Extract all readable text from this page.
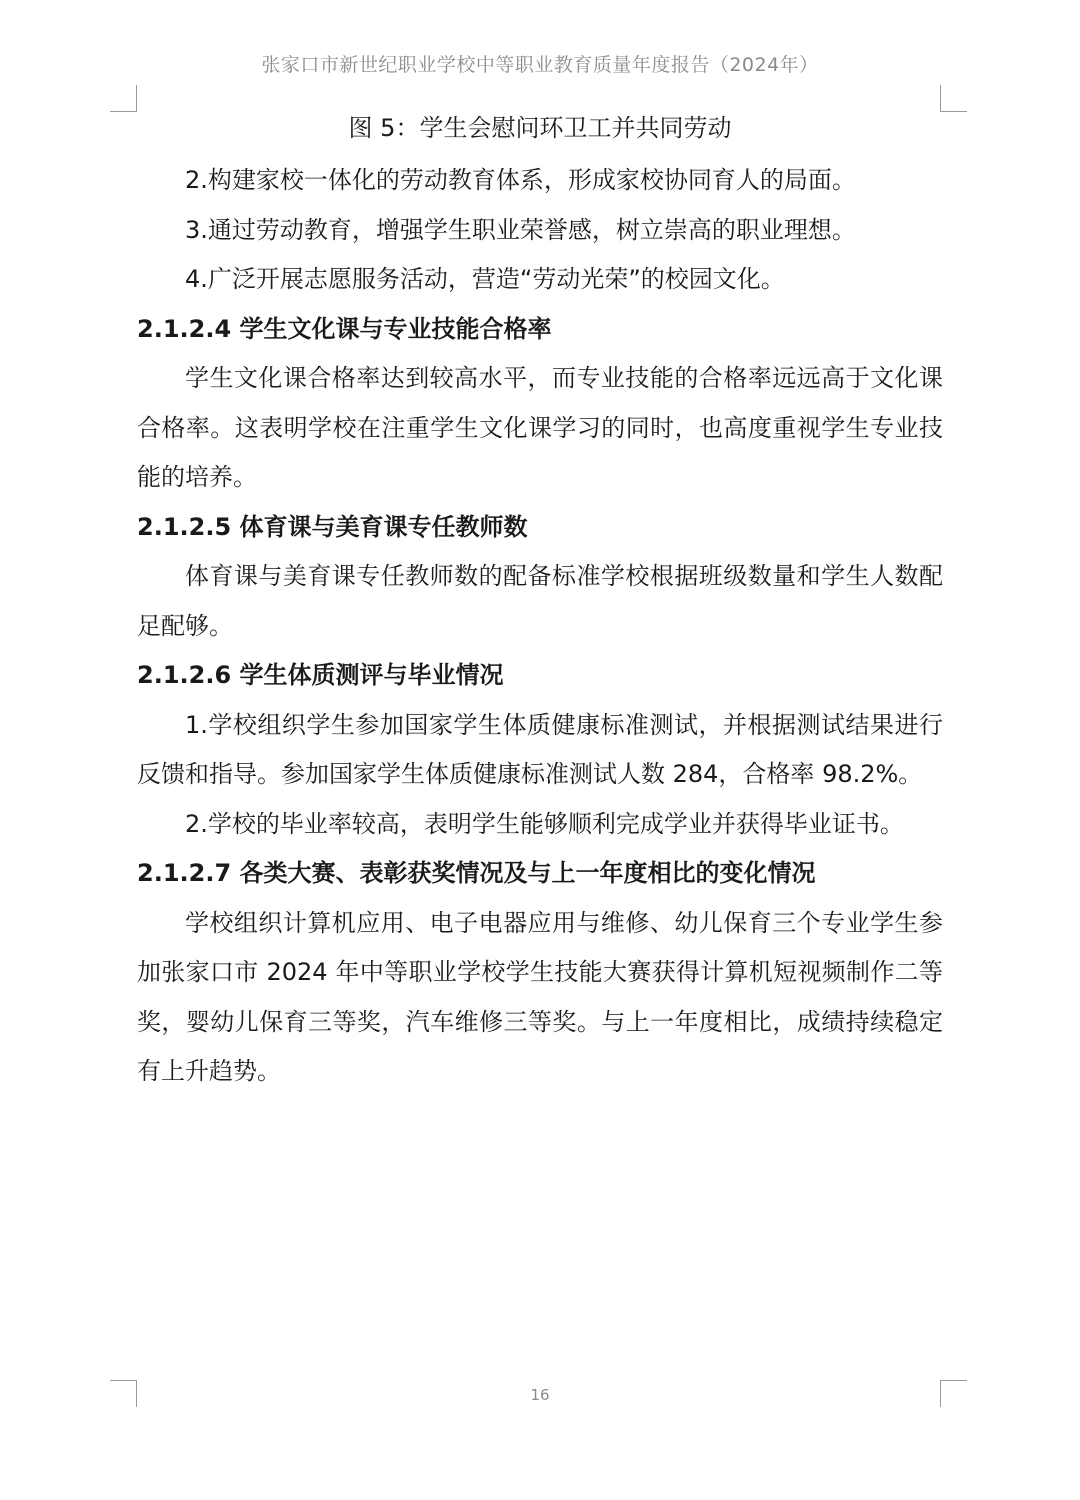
张家口市新世纪职业学校中等职业教育质量年度报告（2024年）
图 5：学生会慰问环卫工并共同劳动

2.构建家校一体化的劳动教育体系，形成家校协同育人的局面。

3.通过劳动教育，增强学生职业荣誉感，树立崇高的职业理想。

4.广泛开展志愿服务活动，营造“劳动光荣”的校园文化。

2.1.2.4 学生文化课与专业技能合格率

学生文化课合格率达到较高水平，而专业技能的合格率远远高于文化课合格率。这表明学校在注重学生文化课学习的同时，也高度重视学生专业技能的培养。

2.1.2.5 体育课与美育课专任教师数

体育课与美育课专任教师数的配备标准学校根据班级数量和学生人数配足配够。

2.1.2.6 学生体质测评与毕业情况

1.学校组织学生参加国家学生体质健康标准测试，并根据测试结果进行反馈和指导。参加国家学生体质健康标准测试人数 284，合格率 98.2%。

2.学校的毕业率较高，表明学生能够顺利完成学业并获得毕业证书。

2.1.2.7 各类大赛、表彰获奖情况及与上一年度相比的变化情况

学校组织计算机应用、电子电器应用与维修、幼儿保育三个专业学生参加张家口市 2024 年中等职业学校学生技能大赛获得计算机短视频制作二等奖，婴幼儿保育三等奖，汽车维修三等奖。与上一年度相比，成绩持续稳定有上升趋势。

16
